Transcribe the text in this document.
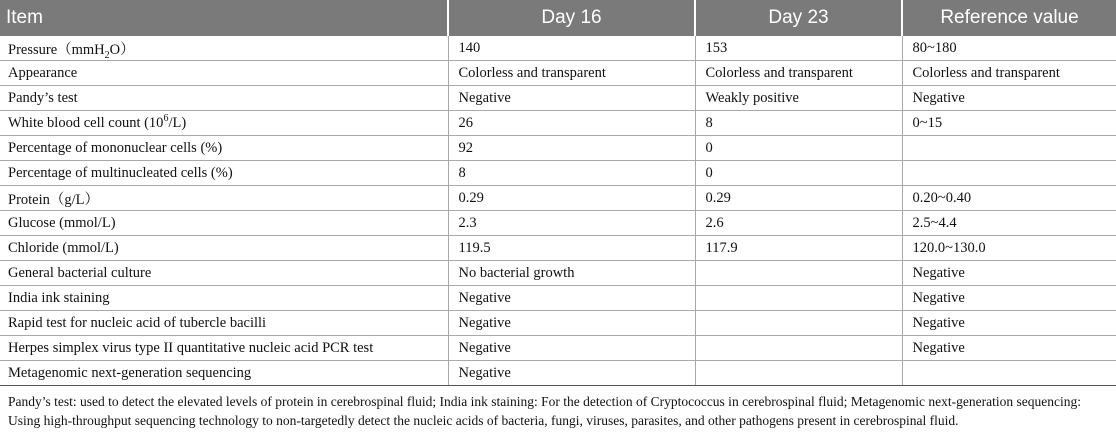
Item	Day 16	Day 23	Reference value
Pressure（mmH$_2$O）	140	153	80~180
Appearance	Colorless and transparent	Colorless and transparent	Colorless and transparent
Pandy’s test	Negative	Weakly positive	Negative
White blood cell count $(10^6/L)$	26	8	0~15
Percentage of mononuclear cells (%)	92	0	
Percentage of multinucleated cells (%)	8	0	
Protein（g/L）	0.29	0.29	0.20~0.40
Glucose (mmol/L)	2.3	2.6	2.5~4.4
Chloride (mmol/L)	119.5	117.9	120.0~130.0
General bacterial culture	No bacterial growth		Negative
India ink staining	Negative		Negative
Rapid test for nucleic acid of tubercle bacilli	Negative		Negative
Herpes simplex virus type II quantitative nucleic acid PCR test	Negative		Negative
Metagenomic next-generation sequencing	Negative		
Pandy’s test: used to detect the elevated levels of protein in cerebrospinal fluid; India ink staining: For the detection of Cryptococcus in cerebrospinal fluid; Metagenomic next-generation sequencing: Using high-throughput sequencing technology to non-targetedly detect the nucleic acids of bacteria, fungi, viruses, parasites, and other pathogens present in cerebrospinal fluid.
